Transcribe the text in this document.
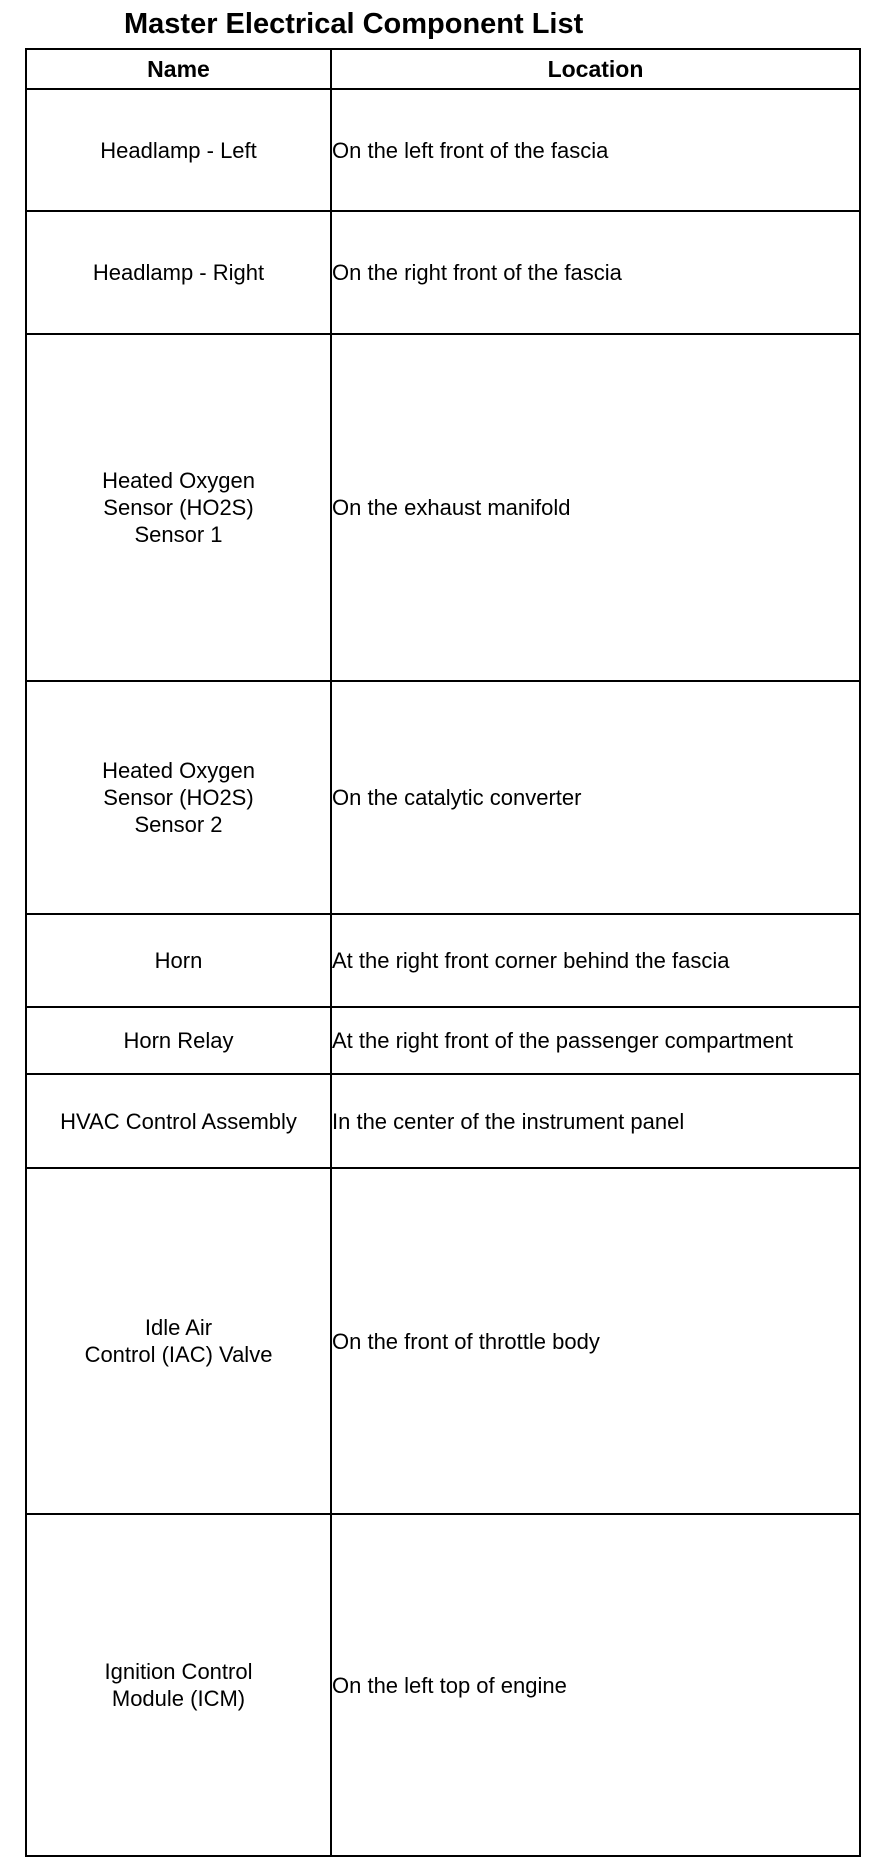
Master Electrical Component List
Name	Location

Headlamp - Left	On the left front of the fascia

Headlamp - Right	On the right front of the fascia

Heated Oxygen
Sensor (HO2S)
Sensor 1	On the exhaust manifold

Heated Oxygen
Sensor (HO2S)
Sensor 2	On the catalytic converter

Horn	At the right front corner behind the fascia

Horn Relay	At the right front of the passenger compartment

HVAC Control Assembly	In the center of the instrument panel

Idle Air
Control (IAC) Valve	On the front of throttle body

Ignition Control
Module (ICM)	On the left top of engine
